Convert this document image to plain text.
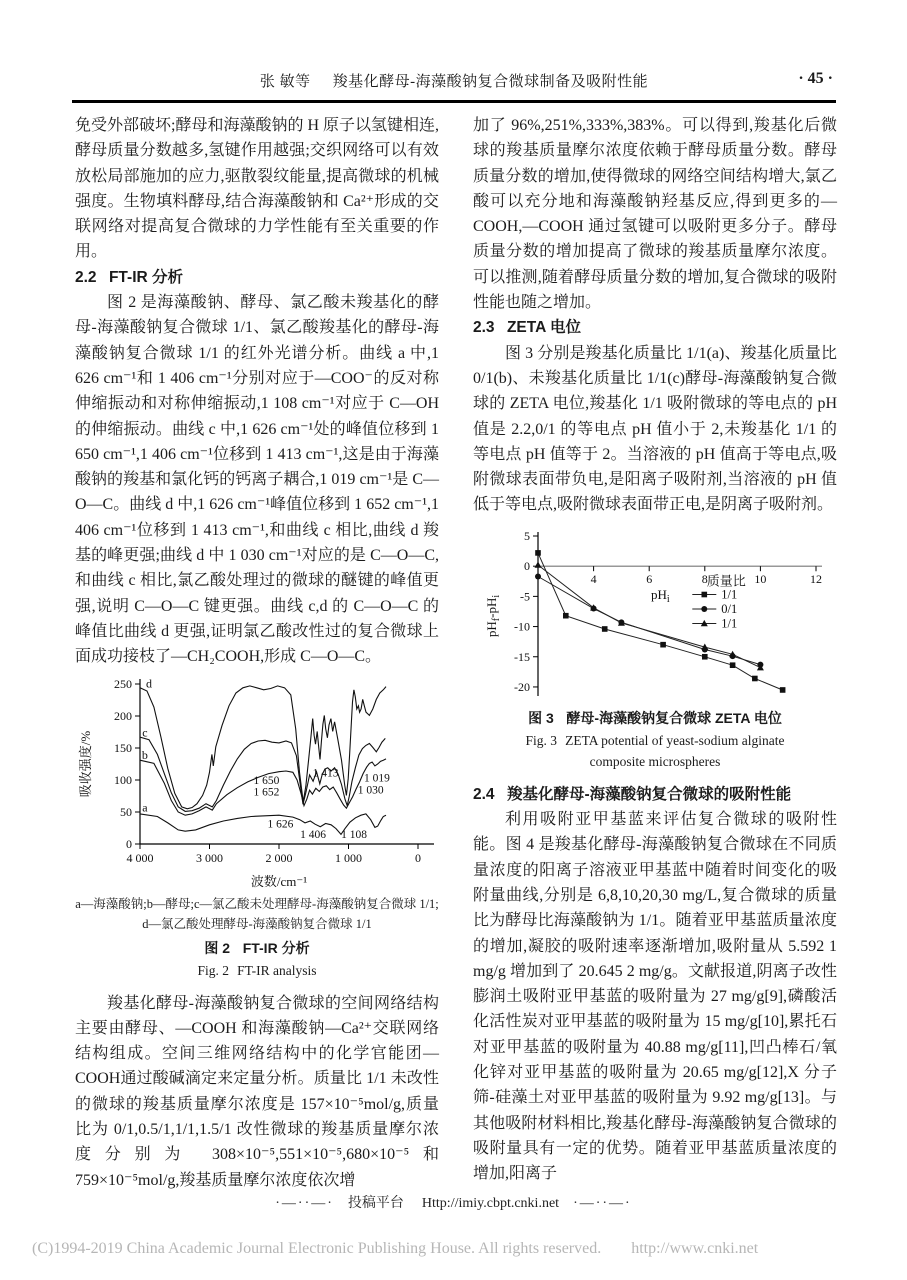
张 敏等 羧基化酵母-海藻酸钠复合微球制备及吸附性能	· 45 ·

免受外部破坏;酵母和海藻酸钠的 H 原子以氢键相连,酵母质量分数越多,氢键作用越强;交织网络可以有效放松局部施加的应力,驱散裂纹能量,提高微球的机械强度。生物填料酵母,结合海藻酸钠和 Ca²⁺形成的交联网络对提高复合微球的力学性能有至关重要的作用。

2.2 FT-IR 分析

图 2 是海藻酸钠、酵母、氯乙酸未羧基化的酵母-海藻酸钠复合微球 1/1、氯乙酸羧基化的酵母-海藻酸钠复合微球 1/1 的红外光谱分析。曲线 a 中,1 626 cm⁻¹和 1 406 cm⁻¹分别对应于—COO⁻的反对称伸缩振动和对称伸缩振动,1 108 cm⁻¹对应于 C—OH 的伸缩振动。曲线 c 中,1 626 cm⁻¹处的峰值位移到 1 650 cm⁻¹,1 406 cm⁻¹位移到 1 413 cm⁻¹,这是由于海藻酸钠的羧基和氯化钙的钙离子耦合,1 019 cm⁻¹是 C—O—C。曲线 d 中,1 626 cm⁻¹峰值位移到 1 652 cm⁻¹,1 406 cm⁻¹位移到 1 413 cm⁻¹,和曲线 c 相比,曲线 d 羧基的峰更强;曲线 d 中 1 030 cm⁻¹对应的是 C—O—C,和曲线 c 相比,氯乙酸处理过的微球的醚键的峰值更强,说明 C—O—C 键更强。曲线 c,d 的 C—O—C 的峰值比曲线 d 更强,证明氯乙酸改性过的复合微球上面成功接枝了—CH₂COOH,形成 C—O—C。

0
50
100
150
200
250
4 000	3 000	2 000	1 000	0
波数/cm⁻¹
吸收强度/%
a
b
c
d
1 650
1 652
1 413 1 019
1 030
1 626
1 406 1 108
a—海藻酸钠;b—酵母;c—氯乙酸未处理酵母-海藻酸钠复合微球 1/1;
d—氯乙酸处理酵母-海藻酸钠复合微球 1/1
图 2 FT-IR 分析
Fig. 2 FT-IR analysis

羧基化酵母-海藻酸钠复合微球的空间网络结构主要由酵母、—COOH 和海藻酸钠—Ca²⁺交联网络结构组成。空间三维网络结构中的化学官能团—COOH通过酸碱滴定来定量分析。质量比 1/1 未改性的微球的羧基质量摩尔浓度是 157×10⁻⁵mol/g,质量比为 0/1,0.5/1,1/1,1.5/1 改性微球的羧基质量摩尔浓度分别为 308×10⁻⁵,551×10⁻⁵,680×10⁻⁵和 759×10⁻⁵mol/g,羧基质量摩尔浓度依次增

加了 96%,251%,333%,383%。可以得到,羧基化后微球的羧基质量摩尔浓度依赖于酵母质量分数。酵母质量分数的增加,使得微球的网络空间结构增大,氯乙酸可以充分地和海藻酸钠羟基反应,得到更多的—COOH,—COOH 通过氢键可以吸附更多分子。酵母质量分数的增加提高了微球的羧基质量摩尔浓度。可以推测,随着酵母质量分数的增加,复合微球的吸附性能也随之增加。

2.3 ZETA 电位

图 3 分别是羧基化质量比 1/1(a)、羧基化质量比 0/1(b)、未羧基化质量比 1/1(c)酵母-海藻酸钠复合微球的 ZETA 电位,羧基化 1/1 吸附微球的等电点的 pH 值是 2.2,0/1 的等电点 pH 值小于 2,未羧基化 1/1 的等电点 pH 值等于 2。当溶液的 pH 值高于等电点,吸附微球表面带负电,是阳离子吸附剂,当溶液的 pH 值低于等电点,吸附微球表面带正电,是阴离子吸附剂。

5
0
-5
-10
-15
-20
4	6	8	10	12
$pH_i$
$pH_f-pH_i$
质量比
1/1
0/1
1/1
图 3 酵母-海藻酸钠复合微球 ZETA 电位
Fig. 3 ZETA potential of yeast-sodium alginate
composite microspheres
2.4 羧基化酵母-海藻酸钠复合微球的吸附性能

利用吸附亚甲基蓝来评估复合微球的吸附性能。图 4 是羧基化酵母-海藻酸钠复合微球在不同质量浓度的阳离子溶液亚甲基蓝中随着时间变化的吸附量曲线,分别是 6,8,10,20,30 mg/L,复合微球的质量比为酵母比海藻酸钠为 1/1。随着亚甲基蓝质量浓度的增加,凝胶的吸附速率逐渐增加,吸附量从 5.592 1 mg/g 增加到了 20.645 2 mg/g。文献报道,阴离子改性膨润土吸附亚甲基蓝的吸附量为 27 mg/g[9],磷酸活化活性炭对亚甲基蓝的吸附量为 15 mg/g[10],累托石对亚甲基蓝的吸附量为 40.88 mg/g[11],凹凸棒石/氧化锌对亚甲基蓝的吸附量为 20.65 mg/g[12],X 分子筛-硅藻土对亚甲基蓝的吸附量为 9.92 mg/g[13]。与其他吸附材料相比,羧基化酵母-海藻酸钠复合微球的吸附量具有一定的优势。随着亚甲基蓝质量浓度的增加,阳离子

·—··—· 投稿平台 Http://imiy.cbpt.cnki.net ·—··—·
(C)1994-2019 China Academic Journal Electronic Publishing House. All rights reserved. http://www.cnki.net
